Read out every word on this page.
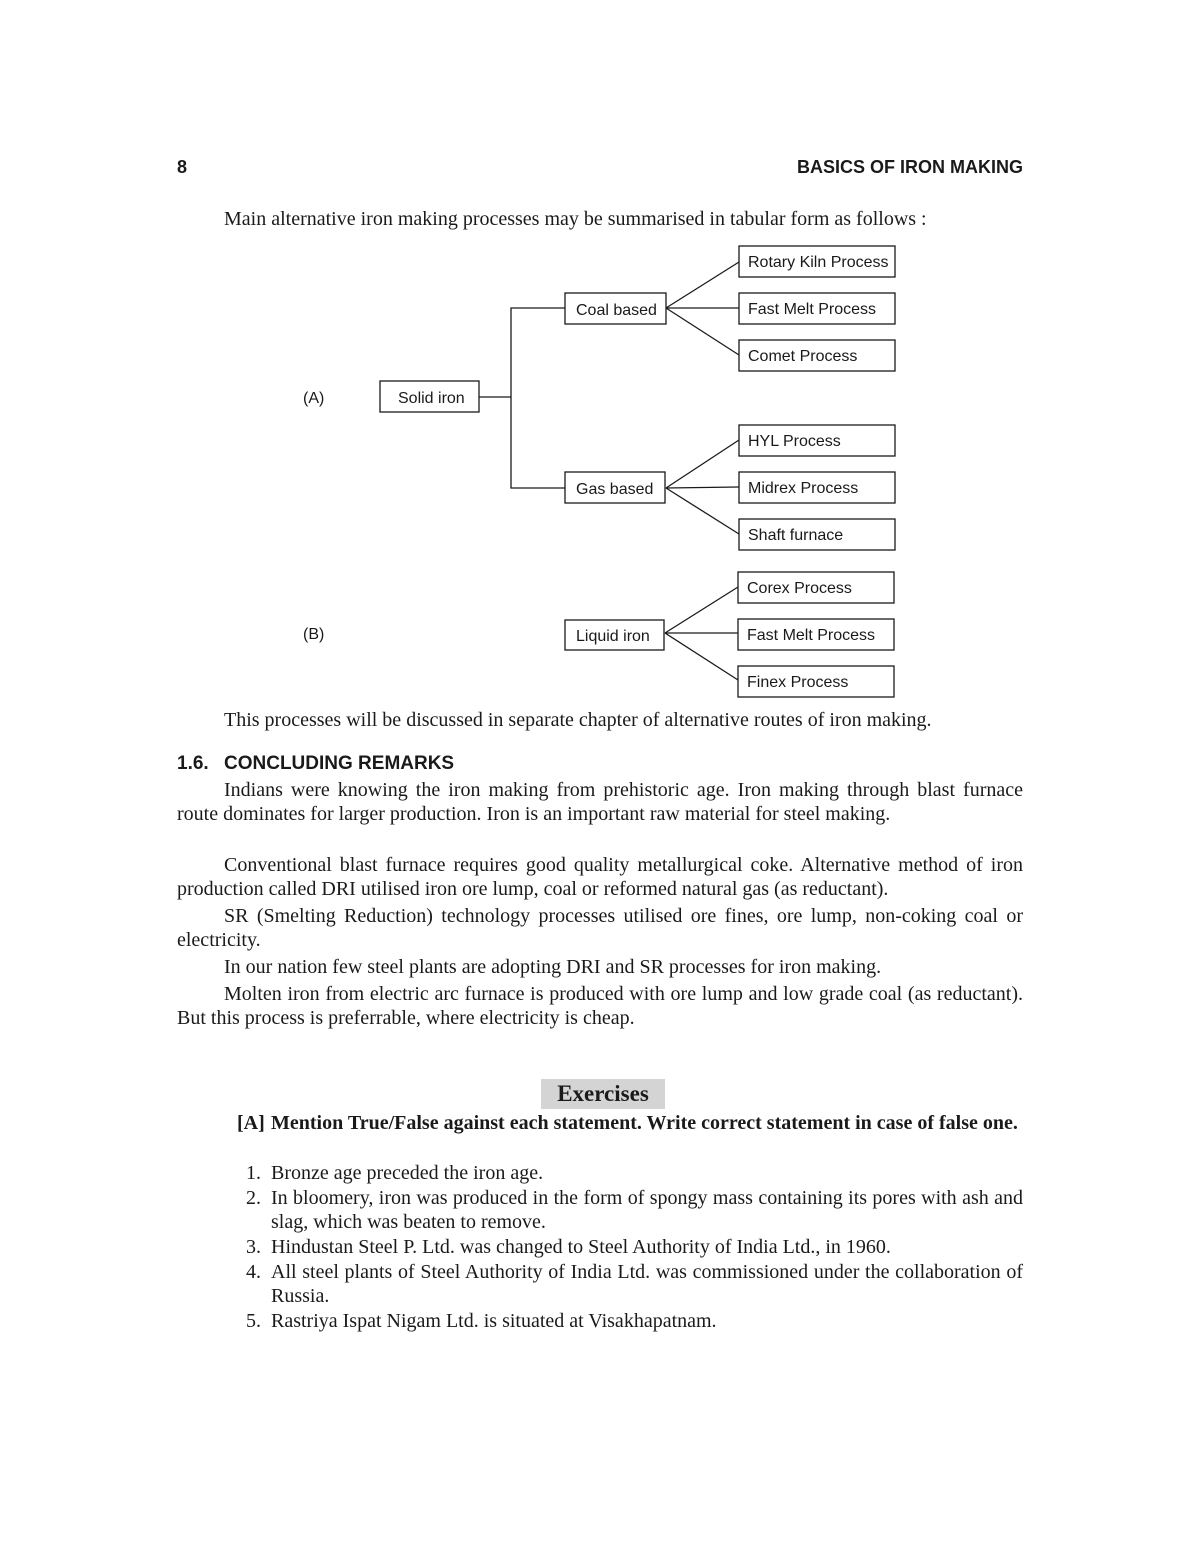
8	BASICS OF IRON MAKING

Main alternative iron making processes may be summarised in tabular form as follows :

(A)
(B)
Solid iron
Coal based
Gas based
Rotary Kiln Process
Fast Melt Process
Comet Process
HYL Process
Midrex Process
Shaft furnace
Liquid iron
Corex Process
Fast Melt Process
Finex Process

This processes will be discussed in separate chapter of alternative routes of iron making.

1.6. CONCLUDING REMARKS

Indians were knowing the iron making from prehistoric age. Iron making through blast furnace route dominates for larger production. Iron is an important raw material for steel making.

Conventional blast furnace requires good quality metallurgical coke. Alternative method of iron production called DRI utilised iron ore lump, coal or reformed natural gas (as reductant).

SR (Smelting Reduction) technology processes utilised ore fines, ore lump, non-coking coal or electricity.

In our nation few steel plants are adopting DRI and SR processes for iron making.

Molten iron from electric arc furnace is produced with ore lump and low grade coal (as reductant). But this process is preferrable, where electricity is cheap.

Exercises
[A] Mention True/False against each statement. Write correct statement in case of false one.
1. Bronze age preceded the iron age.
2. In bloomery, iron was produced in the form of spongy mass containing its pores with ash and slag, which was beaten to remove.
3. Hindustan Steel P. Ltd. was changed to Steel Authority of India Ltd., in 1960.
4. All steel plants of Steel Authority of India Ltd. was commissioned under the collaboration of Russia.
5. Rastriya Ispat Nigam Ltd. is situated at Visakhapatnam.
